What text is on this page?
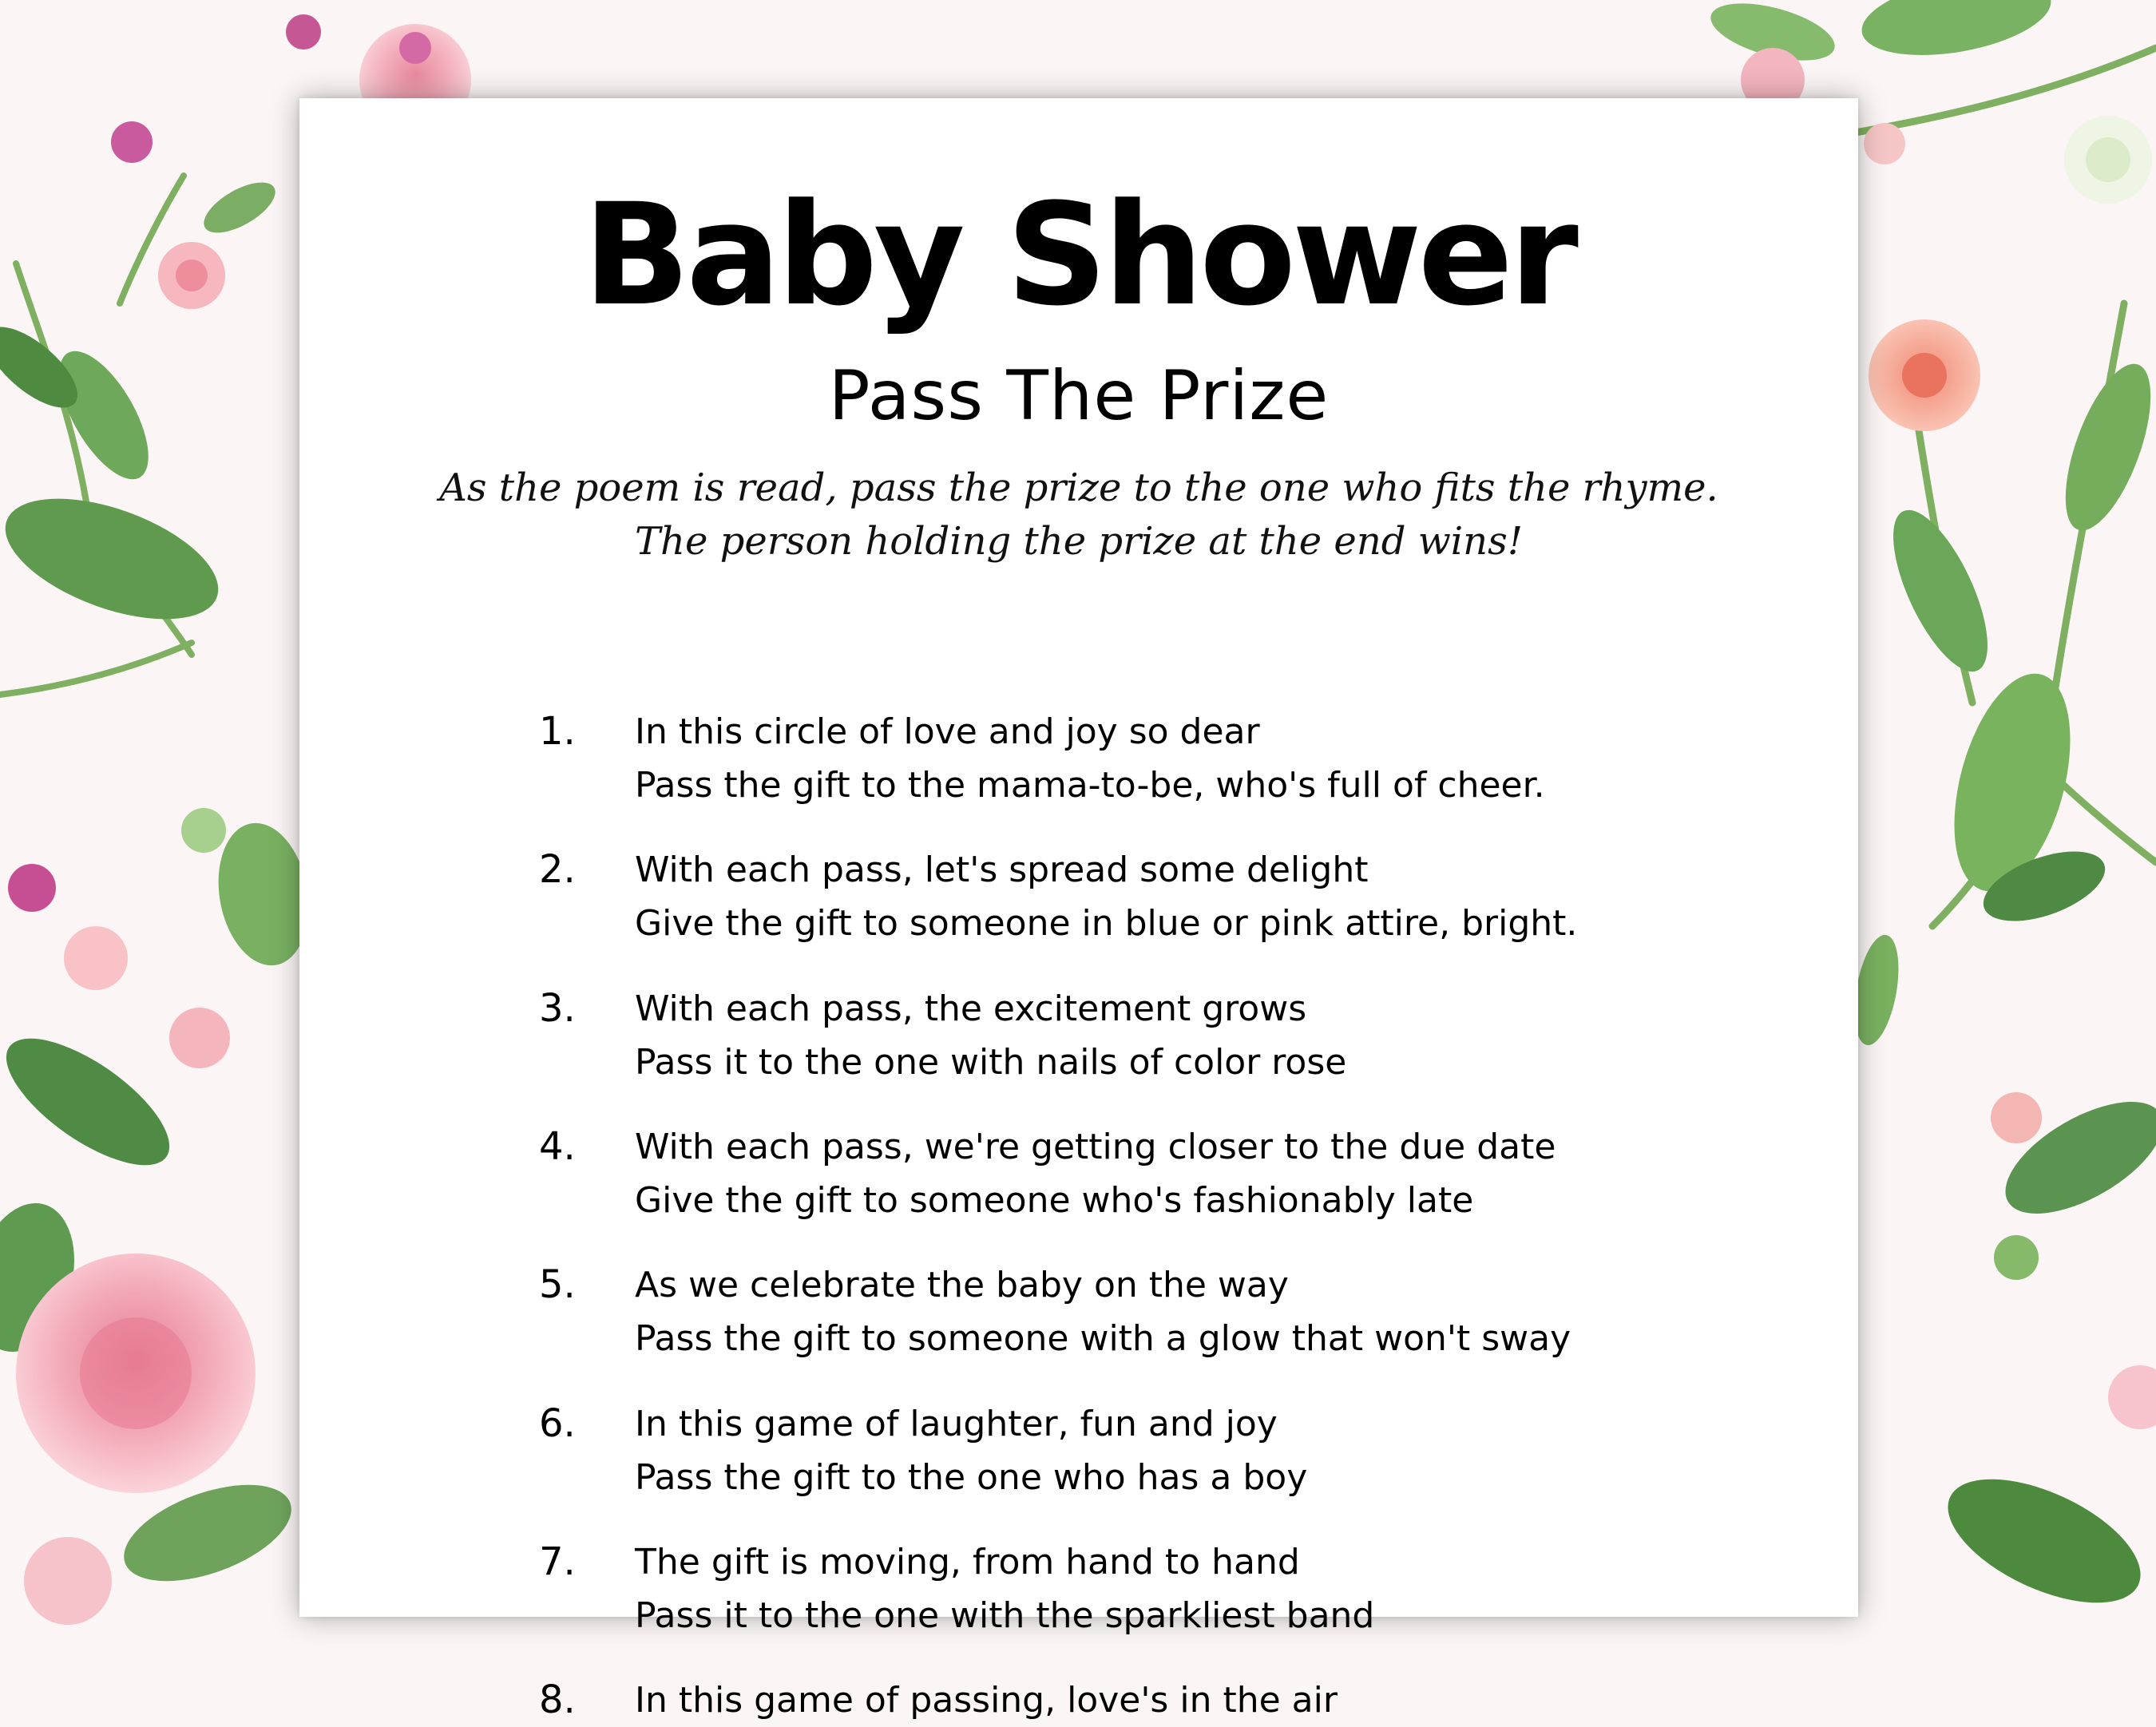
Baby Shower
Pass The Prize
As the poem is read, pass the prize to the one who fits the rhyme.
The person holding the prize at the end wins!
1. In this circle of love and joy so dear
Pass the gift to the mama-to-be, who's full of cheer.
2. With each pass, let's spread some delight
Give the gift to someone in blue or pink attire, bright.
3. With each pass, the excitement grows
Pass it to the one with nails of color rose
4. With each pass, we're getting closer to the due date
Give the gift to someone who's fashionably late
5. As we celebrate the baby on the way
Pass the gift to someone with a glow that won't sway
6. In this game of laughter, fun and joy
Pass the gift to the one who has a boy
7. The gift is moving, from hand to hand
Pass it to the one with the sparkliest band
8. In this game of passing, love's in the air
